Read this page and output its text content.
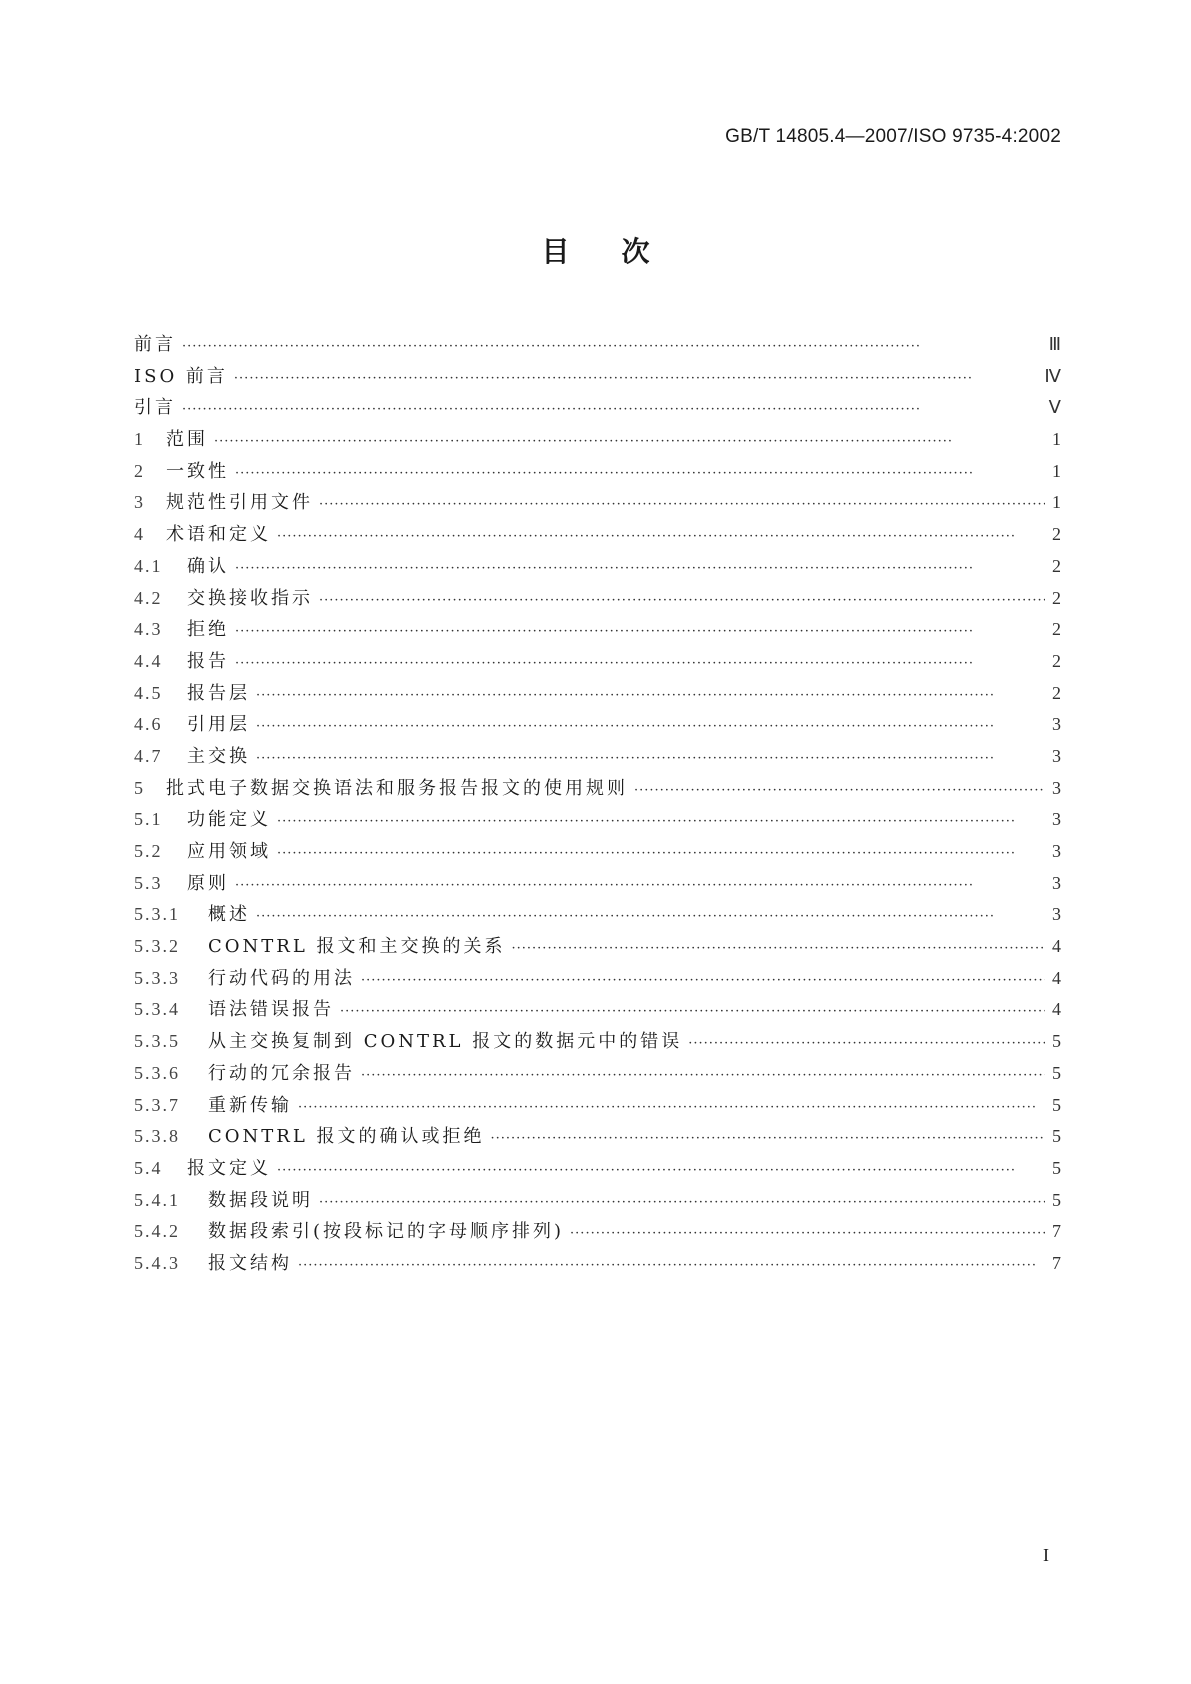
GB/T 14805.4—2007/ISO 9735-4:2002
目次
前言 ·····	Ⅲ
ISO 前言 ·····	Ⅳ
引言 ·····	Ⅴ
1	范围 ·····	1
2	一致性 ·····	1
3	规范性引用文件 ·····	1
4	术语和定义 ·····	2
4.1	确认 ·····	2
4.2	交换接收指示 ·····	2
4.3	拒绝 ·····	2
4.4	报告 ·····	2
4.5	报告层 ·····	2
4.6	引用层 ·····	3
4.7	主交换 ·····	3
5	批式电子数据交换语法和服务报告报文的使用规则 ·····	3
5.1	功能定义 ·····	3
5.2	应用领域 ·····	3
5.3	原则 ·····	3
5.3.1	概述 ·····	3
5.3.2	CONTRL 报文和主交换的关系 ·····	4
5.3.3	行动代码的用法 ·····	4
5.3.4	语法错误报告 ·····	4
5.3.5	从主交换复制到 CONTRL 报文的数据元中的错误 ·····	5
5.3.6	行动的冗余报告 ·····	5
5.3.7	重新传输 ·····	5
5.3.8	CONTRL 报文的确认或拒绝 ·····	5
5.4	报文定义 ·····	5
5.4.1	数据段说明 ·····	5
5.4.2	数据段索引(按段标记的字母顺序排列) ·····	7
5.4.3	报文结构 ·····	7
I
